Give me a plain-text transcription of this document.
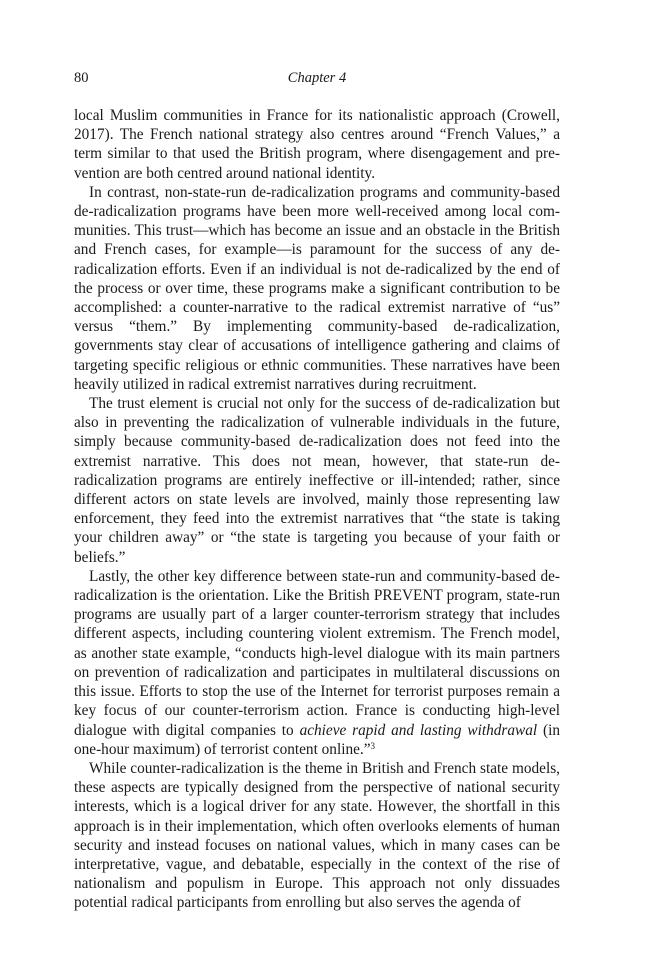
80	Chapter 4

local Muslim communities in France for its nationalistic approach (Crowell, 2017). The French national strategy also centres around “French Values,” a term similar to that used the British program, where disengagement and prevention are both centred around national identity.

In contrast, non-state-run de-radicalization programs and community-based de-radicalization programs have been more well-received among local communities. This trust—which has become an issue and an obstacle in the British and French cases, for example—is paramount for the success of any de-radicalization efforts. Even if an individual is not de-radicalized by the end of the process or over time, these programs make a significant contribution to be accomplished: a counter-narrative to the radical extremist narrative of “us” versus “them.” By implementing community-based de-radicalization, governments stay clear of accusations of intelligence gathering and claims of targeting specific religious or ethnic communities. These narratives have been heavily utilized in radical extremist narratives during recruitment.

The trust element is crucial not only for the success of de-radicalization but also in preventing the radicalization of vulnerable individuals in the future, simply because community-based de-radicalization does not feed into the extremist narrative. This does not mean, however, that state-run de-radicalization programs are entirely ineffective or ill-intended; rather, since different actors on state levels are involved, mainly those representing law enforcement, they feed into the extremist narratives that “the state is taking your children away” or “the state is targeting you because of your faith or beliefs.”

Lastly, the other key difference between state-run and community-based de-radicalization is the orientation. Like the British PREVENT program, state-run programs are usually part of a larger counter-terrorism strategy that includes different aspects, including countering violent extremism. The French model, as another state example, “conducts high-level dialogue with its main partners on prevention of radicalization and participates in multilateral discussions on this issue. Efforts to stop the use of the Internet for terrorist purposes remain a key focus of our counter-terrorism action. France is conducting high-level dialogue with digital companies to achieve rapid and lasting withdrawal (in one-hour maximum) of terrorist content online.”$^3$

While counter-radicalization is the theme in British and French state models, these aspects are typically designed from the perspective of national security interests, which is a logical driver for any state. However, the shortfall in this approach is in their implementation, which often overlooks elements of human security and instead focuses on national values, which in many cases can be interpretative, vague, and debatable, especially in the context of the rise of nationalism and populism in Europe. This approach not only dissuades potential radical participants from enrolling but also serves the agenda of
